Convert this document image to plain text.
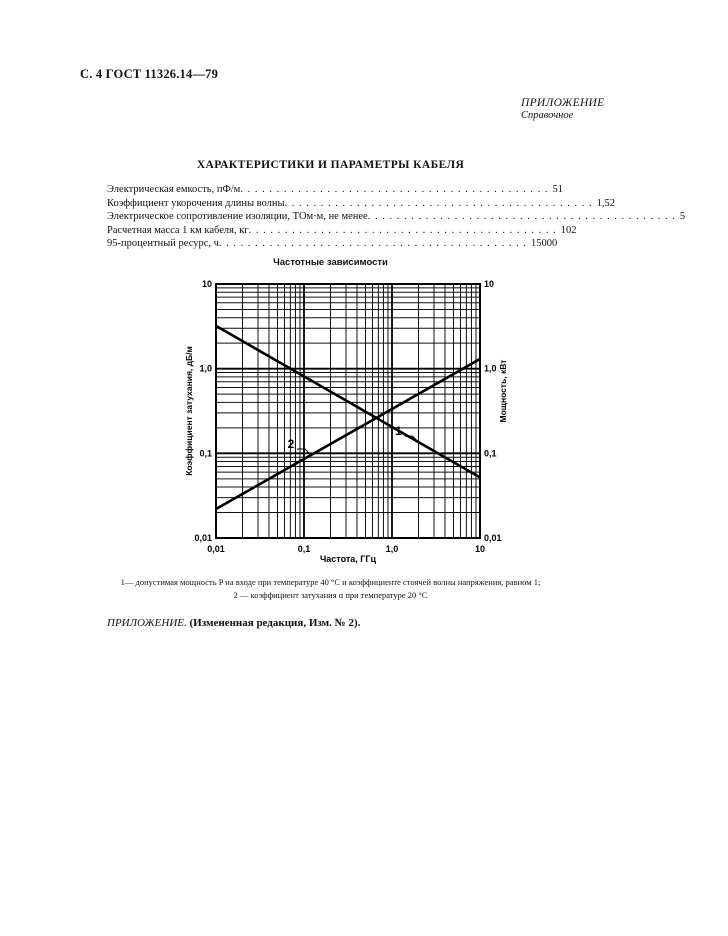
С. 4 ГОСТ 11326.14—79
ПРИЛОЖЕНИЕ
Справочное
ХАРАКТЕРИСТИКИ И ПАРАМЕТРЫ КАБЕЛЯ
Электрическая емкость, пФ/м . . . . . . . . . . . . . . . . . . . . . . . . . . . . . . . . . . . . . . . . . . . 51
Коэффициент укорочения длины волны . . . . . . . . . . . . . . . . . . . . . . . . . . . . . . . . . . . . . . . . . . . 1,52
Электрическое сопротивление изоляции, ТОм·м, не менее . . . . . . . . . . . . . . . . . . . . . . . . . . . . . . . . . . . . . . . . . . . 5
Расчетная масса 1 км кабеля, кг . . . . . . . . . . . . . . . . . . . . . . . . . . . . . . . . . . . . . . . . . . . 102
95-процентный ресурс, ч . . . . . . . . . . . . . . . . . . . . . . . . . . . . . . . . . . . . . . . . . . . 15000
Частотные зависимости
0,01	0,1	1,0	10
0,01
0,1
1,0
10
0,01
0,1
1,0
10
Частота, ГГц
Коэффициент затухания, дБ/м	Мощность, кВт
1
2
1— допустимая мощность P на входе при температуре 40 °С и коэффициенте стоячей волны напряжения, равном 1;
2 — коэффициент затухания α при температуре 20 °С
ПРИЛОЖЕНИЕ. (Измененная редакция, Изм. № 2).
